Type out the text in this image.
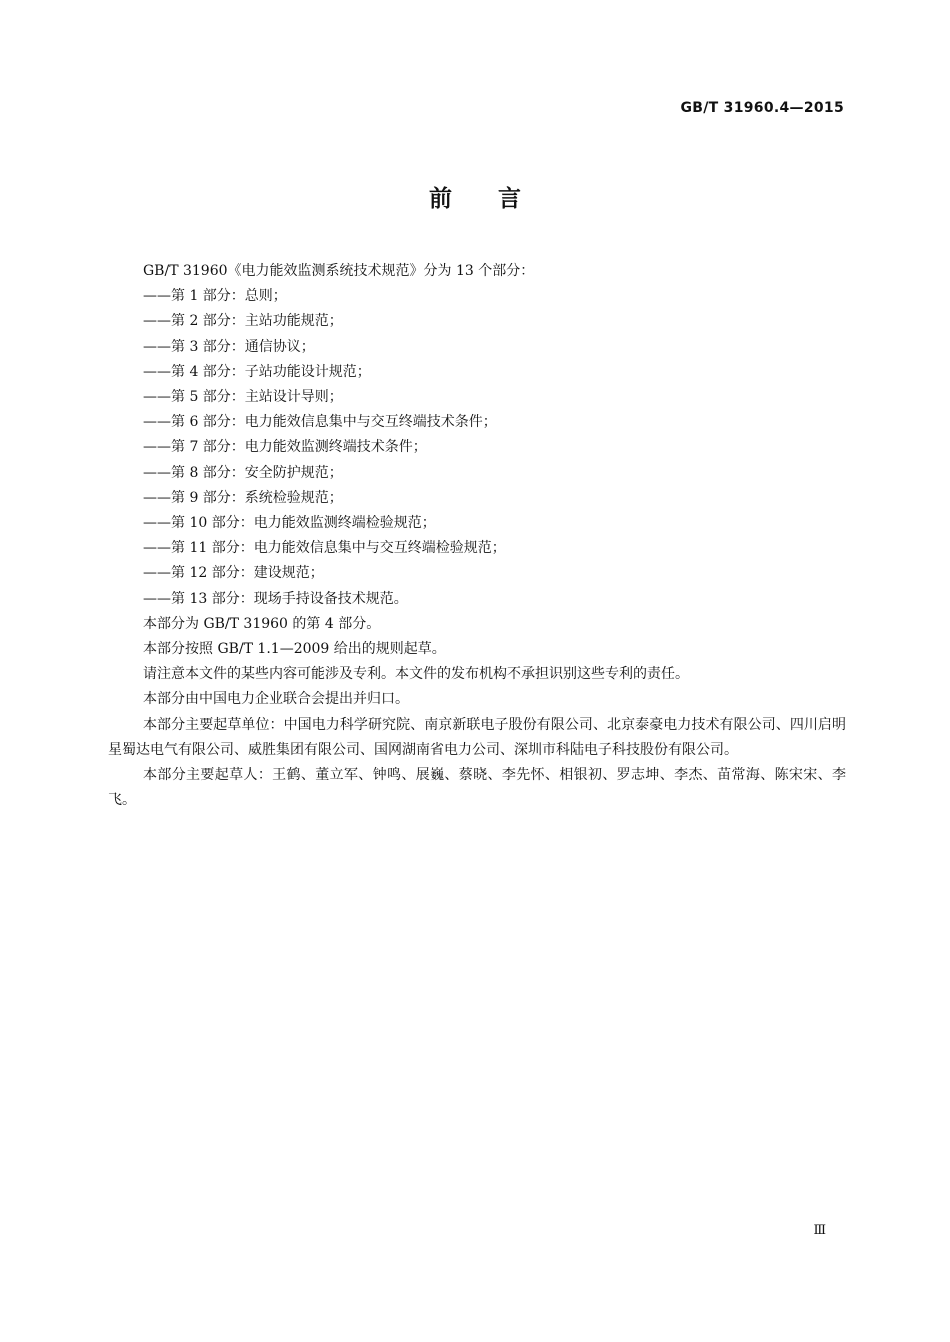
GB/T 31960.4—2015
前言

GB/T 31960《电力能效监测系统技术规范》分为 13 个部分：

——第 1 部分：总则；

——第 2 部分：主站功能规范；

——第 3 部分：通信协议；

——第 4 部分：子站功能设计规范；

——第 5 部分：主站设计导则；

——第 6 部分：电力能效信息集中与交互终端技术条件；

——第 7 部分：电力能效监测终端技术条件；

——第 8 部分：安全防护规范；

——第 9 部分：系统检验规范；

——第 10 部分：电力能效监测终端检验规范；

——第 11 部分：电力能效信息集中与交互终端检验规范；

——第 12 部分：建设规范；

——第 13 部分：现场手持设备技术规范。

本部分为 GB/T 31960 的第 4 部分。

本部分按照 GB/T 1.1—2009 给出的规则起草。

请注意本文件的某些内容可能涉及专利。本文件的发布机构不承担识别这些专利的责任。

本部分由中国电力企业联合会提出并归口。

本部分主要起草单位：中国电力科学研究院、南京新联电子股份有限公司、北京泰豪电力技术有限公司、四川启明星蜀达电气有限公司、威胜集团有限公司、国网湖南省电力公司、深圳市科陆电子科技股份有限公司。

本部分主要起草人：王鹤、董立军、钟鸣、展巍、蔡晓、李先怀、相银初、罗志坤、李杰、苗常海、陈宋宋、李飞。

Ⅲ
